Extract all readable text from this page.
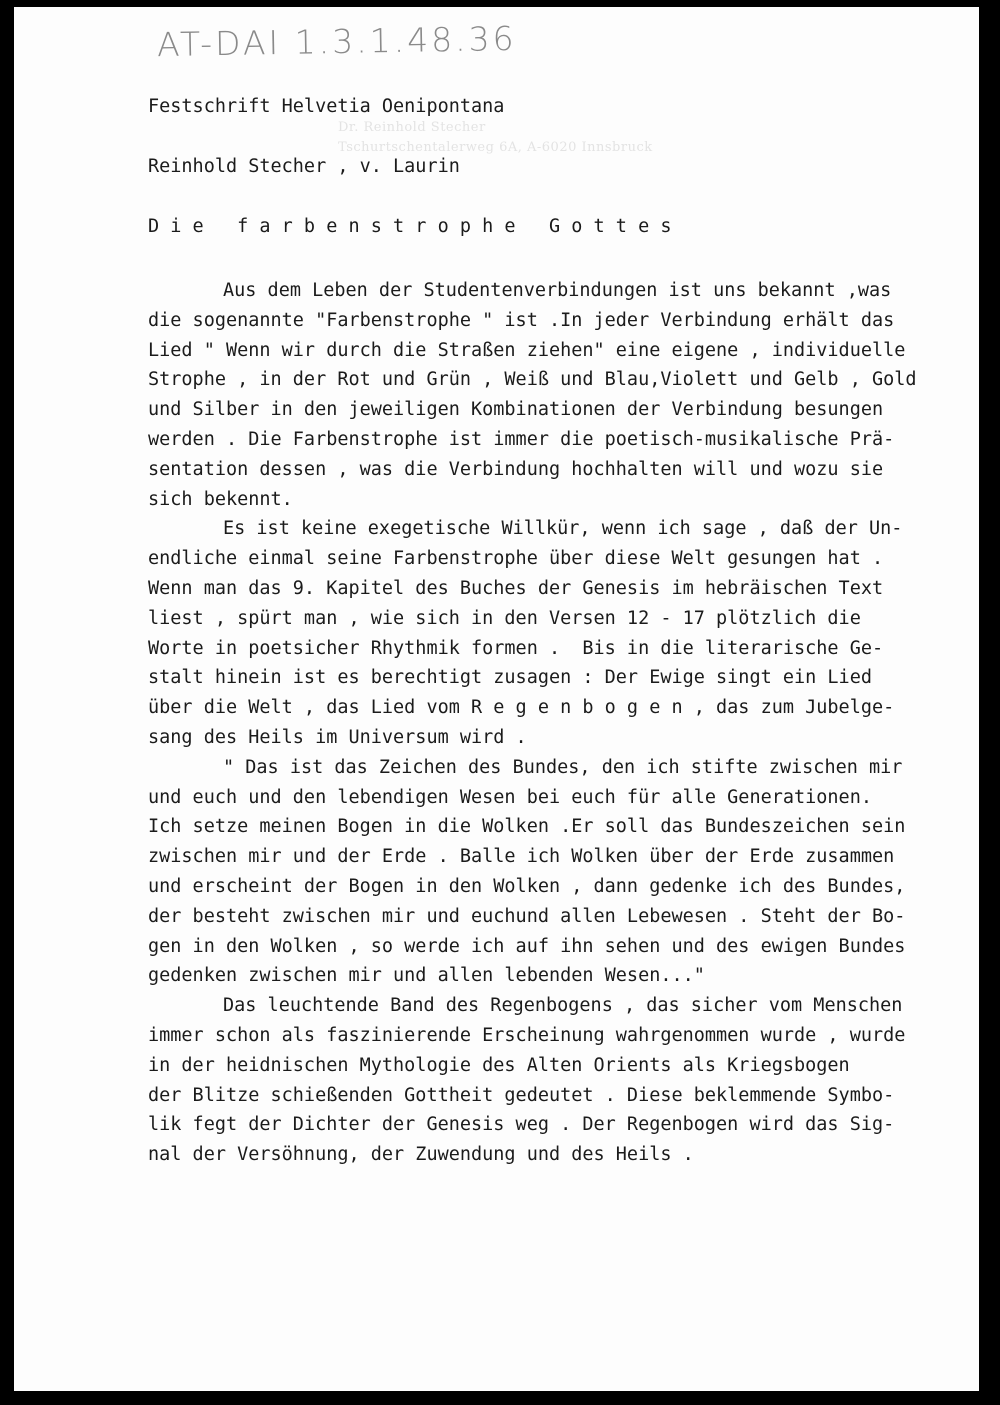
AT-DAI 1.3.1.48.36
Dr. Reinhold Stecher
Tschurtschentalerweg 6A, A-6020 Innsbruck
Festschrift Helvetia Oenipontana
Reinhold Stecher , v. Laurin
D i e   f a r b e n s t r o p h e   G o t t e s
Aus dem Leben der Studentenverbindungen ist uns bekannt ,was
die sogenannte "Farbenstrophe " ist .In jeder Verbindung erhält das
Lied " Wenn wir durch die Straßen ziehen" eine eigene , individuelle
Strophe , in der Rot und Grün , Weiß und Blau,Violett und Gelb , Gold
und Silber in den jeweiligen Kombinationen der Verbindung besungen
werden . Die Farbenstrophe ist immer die poetisch-musikalische Prä-
sentation dessen , was die Verbindung hochhalten will und wozu sie
sich bekennt.
Es ist keine exegetische Willkür, wenn ich sage , daß der Un-
endliche einmal seine Farbenstrophe über diese Welt gesungen hat .
Wenn man das 9. Kapitel des Buches der Genesis im hebräischen Text
liest , spürt man , wie sich in den Versen 12 - 17 plötzlich die
Worte in poetsicher Rhythmik formen .  Bis in die literarische Ge-
stalt hinein ist es berechtigt zusagen : Der Ewige singt ein Lied
über die Welt , das Lied vom R e g e n b o g e n , das zum Jubelge-
sang des Heils im Universum wird .
" Das ist das Zeichen des Bundes, den ich stifte zwischen mir
und euch und den lebendigen Wesen bei euch für alle Generationen.
Ich setze meinen Bogen in die Wolken .Er soll das Bundeszeichen sein
zwischen mir und der Erde . Balle ich Wolken über der Erde zusammen
und erscheint der Bogen in den Wolken , dann gedenke ich des Bundes,
der besteht zwischen mir und euchund allen Lebewesen . Steht der Bo-
gen in den Wolken , so werde ich auf ihn sehen und des ewigen Bundes
gedenken zwischen mir und allen lebenden Wesen..."
Das leuchtende Band des Regenbogens , das sicher vom Menschen
immer schon als faszinierende Erscheinung wahrgenommen wurde , wurde
in der heidnischen Mythologie des Alten Orients als Kriegsbogen
der Blitze schießenden Gottheit gedeutet . Diese beklemmende Symbo-
lik fegt der Dichter der Genesis weg . Der Regenbogen wird das Sig-
nal der Versöhnung, der Zuwendung und des Heils .
